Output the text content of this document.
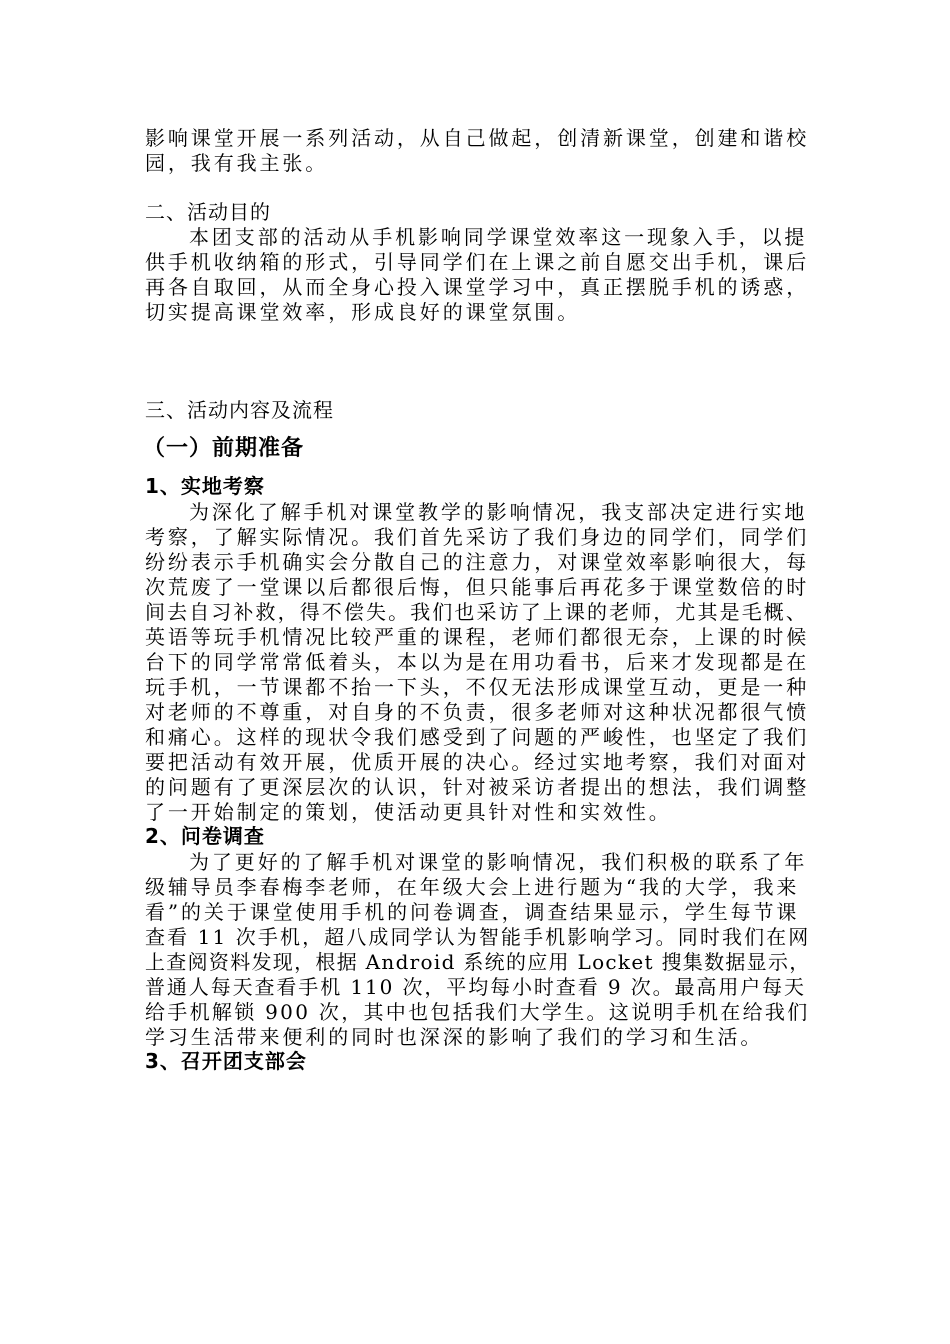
影响课堂开展一系列活动，从自己做起，创清新课堂，创建和谐校
园，我有我主张。
二、活动目的
本团支部的活动从手机影响同学课堂效率这一现象入手，以提
供手机收纳箱的形式，引导同学们在上课之前自愿交出手机，课后
再各自取回，从而全身心投入课堂学习中，真正摆脱手机的诱惑，
切实提高课堂效率，形成良好的课堂氛围。
三、活动内容及流程
（一）前期准备
1、实地考察
为深化了解手机对课堂教学的影响情况，我支部决定进行实地
考察，了解实际情况。我们首先采访了我们身边的同学们，同学们
纷纷表示手机确实会分散自己的注意力，对课堂效率影响很大，每
次荒废了一堂课以后都很后悔，但只能事后再花多于课堂数倍的时
间去自习补救，得不偿失。我们也采访了上课的老师，尤其是毛概、
英语等玩手机情况比较严重的课程，老师们都很无奈，上课的时候
台下的同学常常低着头，本以为是在用功看书，后来才发现都是在
玩手机，一节课都不抬一下头，不仅无法形成课堂互动，更是一种
对老师的不尊重，对自身的不负责，很多老师对这种状况都很气愤
和痛心。这样的现状令我们感受到了问题的严峻性，也坚定了我们
要把活动有效开展，优质开展的决心。经过实地考察，我们对面对
的问题有了更深层次的认识，针对被采访者提出的想法，我们调整
了一开始制定的策划，使活动更具针对性和实效性。
2、问卷调查
为了更好的了解手机对课堂的影响情况，我们积极的联系了年
级辅导员李春梅李老师，在年级大会上进行题为“我的大学，我来
看”的关于课堂使用手机的问卷调查，调查结果显示，学生每节课
查看 11 次手机，超八成同学认为智能手机影响学习。同时我们在网
上查阅资料发现，根据 Android 系统的应用 Locket 搜集数据显示，
普通人每天查看手机 110 次，平均每小时查看 9 次。最高用户每天
给手机解锁 900 次，其中也包括我们大学生。这说明手机在给我们
学习生活带来便利的同时也深深的影响了我们的学习和生活。
3、召开团支部会
